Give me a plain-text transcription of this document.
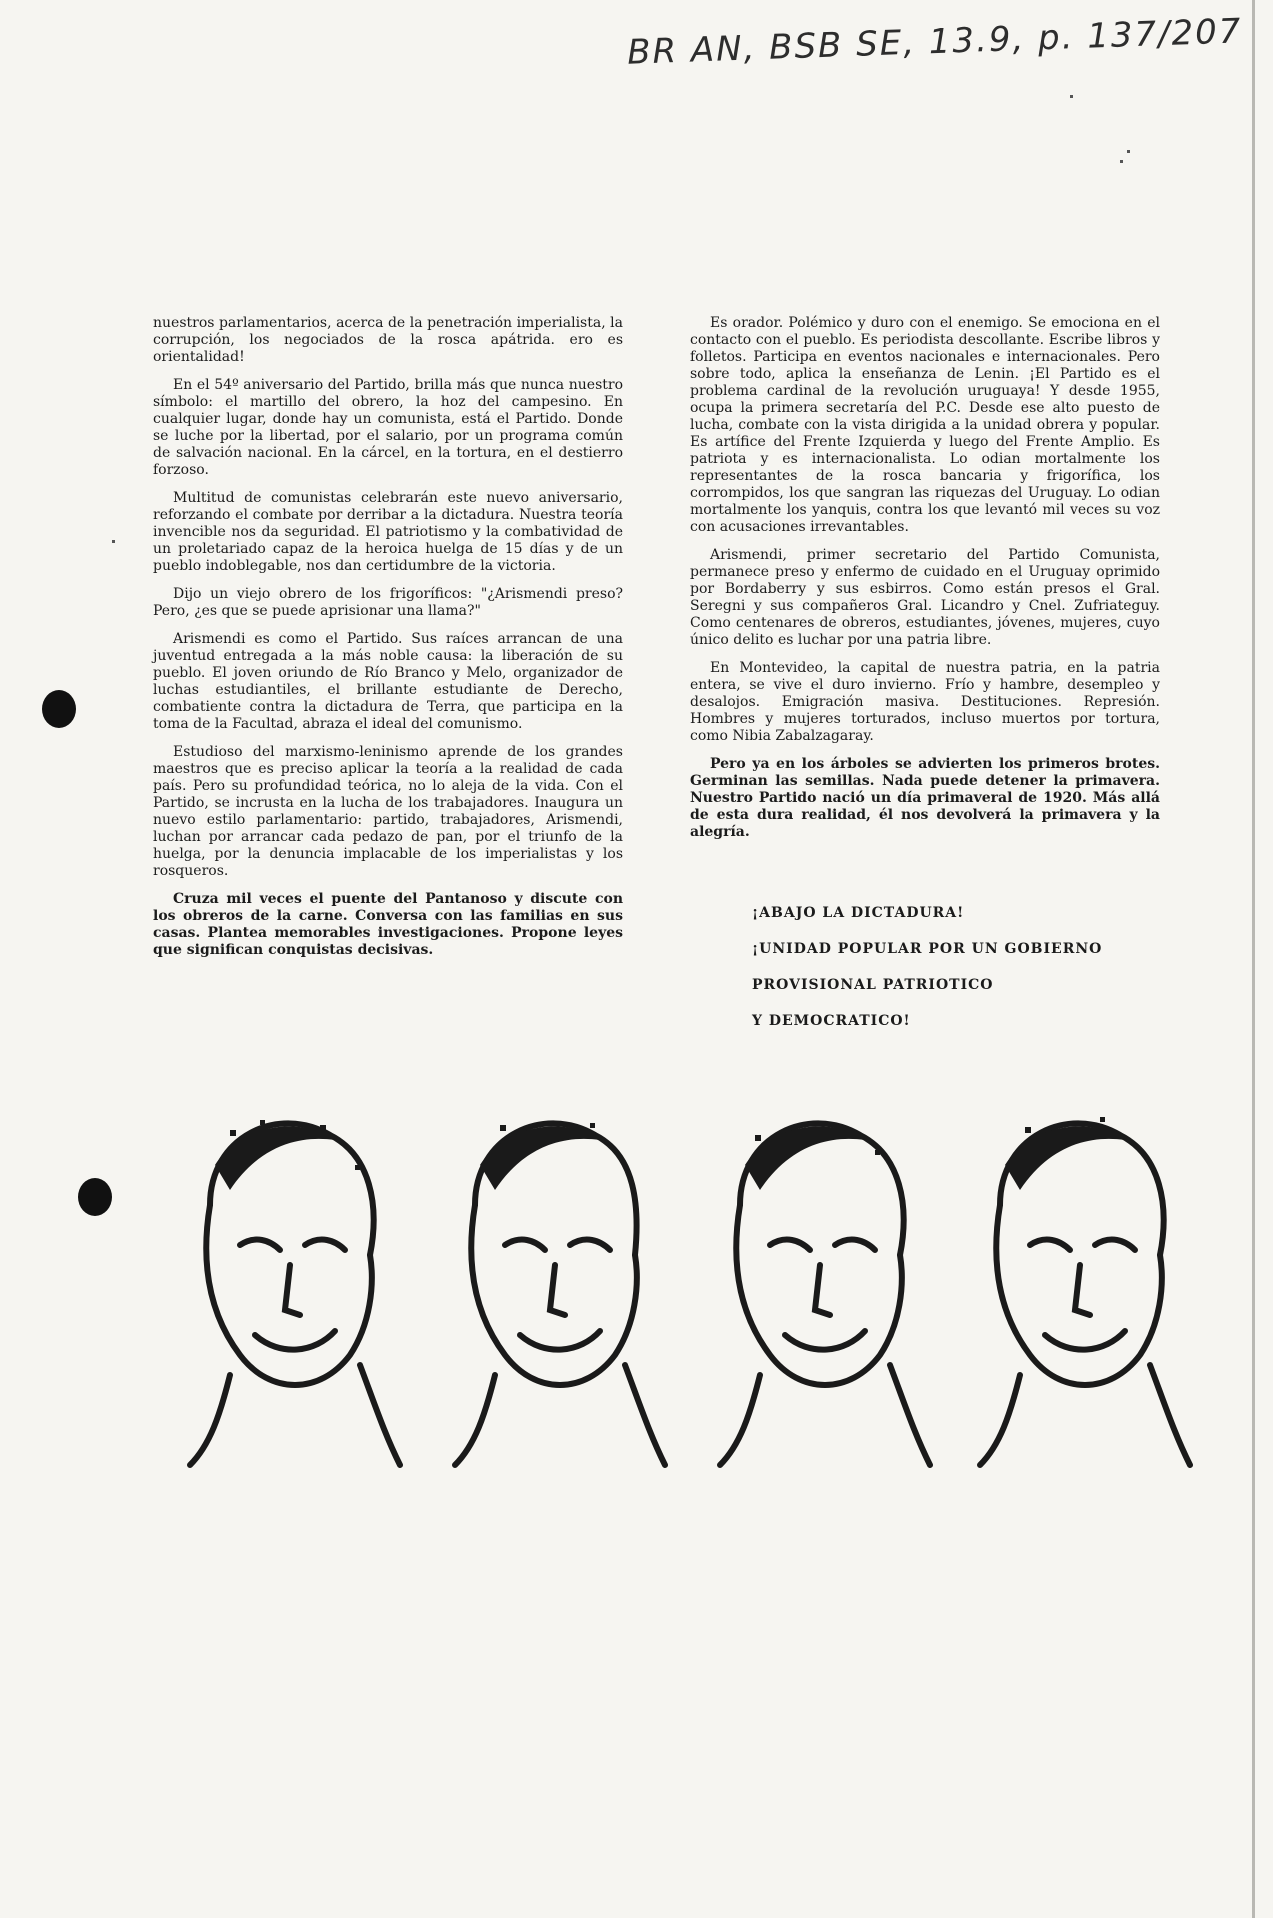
BR AN, BSB SE, 13.9, p. 137/207

nuestros parlamentarios, acerca de la penetración imperialista, la corrupción, los negociados de la rosca apátrida. ero es orientalidad!

En el 54º aniversario del Partido, brilla más que nunca nuestro símbolo: el martillo del obrero, la hoz del campesino. En cualquier lugar, donde hay un comunista, está el Partido. Donde se luche por la libertad, por el salario, por un programa común de salvación nacional. En la cárcel, en la tortura, en el destierro forzoso.

Multitud de comunistas celebrarán este nuevo aniversario, reforzando el combate por derribar a la dictadura. Nuestra teoría invencible nos da seguridad. El patriotismo y la combatividad de un proletariado capaz de la heroica huelga de 15 días y de un pueblo indoblegable, nos dan certidumbre de la victoria.

Dijo un viejo obrero de los frigoríficos: "¿Arismendi preso? Pero, ¿es que se puede aprisionar una llama?"

Arismendi es como el Partido. Sus raíces arrancan de una juventud entregada a la más noble causa: la liberación de su pueblo. El joven oriundo de Río Branco y Melo, organizador de luchas estudiantiles, el brillante estudiante de Derecho, combatiente contra la dictadura de Terra, que participa en la toma de la Facultad, abraza el ideal del comunismo.

Estudioso del marxismo-leninismo aprende de los grandes maestros que es preciso aplicar la teoría a la realidad de cada país. Pero su profundidad teórica, no lo aleja de la vida. Con el Partido, se incrusta en la lucha de los trabajadores. Inaugura un nuevo estilo parlamentario: partido, trabajadores, Arismendi, luchan por arrancar cada pedazo de pan, por el triunfo de la huelga, por la denuncia implacable de los imperialistas y los rosqueros.

Cruza mil veces el puente del Pantanoso y discute con los obreros de la carne. Conversa con las familias en sus casas. Plantea memorables investigaciones. Propone leyes que significan conquistas decisivas.

Es orador. Polémico y duro con el enemigo. Se emociona en el contacto con el pueblo. Es periodista descollante. Escribe libros y folletos. Participa en eventos nacionales e internacionales. Pero sobre todo, aplica la enseñanza de Lenin. ¡El Partido es el problema cardinal de la revolución uruguaya! Y desde 1955, ocupa la primera secretaría del P.C. Desde ese alto puesto de lucha, combate con la vista dirigida a la unidad obrera y popular. Es artífice del Frente Izquierda y luego del Frente Amplio. Es patriota y es internacionalista. Lo odian mortalmente los representantes de la rosca bancaria y frigorífica, los corrompidos, los que sangran las riquezas del Uruguay. Lo odian mortalmente los yanquis, contra los que levantó mil veces su voz con acusaciones irrevantables.

Arismendi, primer secretario del Partido Comunista, permanece preso y enfermo de cuidado en el Uruguay oprimido por Bordaberry y sus esbirros. Como están presos el Gral. Seregni y sus compañeros Gral. Licandro y Cnel. Zufriateguy. Como centenares de obreros, estudiantes, jóvenes, mujeres, cuyo único delito es luchar por una patria libre.

En Montevideo, la capital de nuestra patria, en la patria entera, se vive el duro invierno. Frío y hambre, desempleo y desalojos. Emigración masiva. Destituciones. Represión. Hombres y mujeres torturados, incluso muertos por tortura, como Nibia Zabalzagaray.

Pero ya en los árboles se advierten los primeros brotes. Germinan las semillas. Nada puede detener la primavera. Nuestro Partido nació un día primaveral de 1920. Más allá de esta dura realidad, él nos devolverá la primavera y la alegría.

¡ABAJO LA DICTADURA!
¡UNIDAD POPULAR POR UN GOBIERNO
PROVISIONAL PATRIOTICO
Y DEMOCRATICO!
